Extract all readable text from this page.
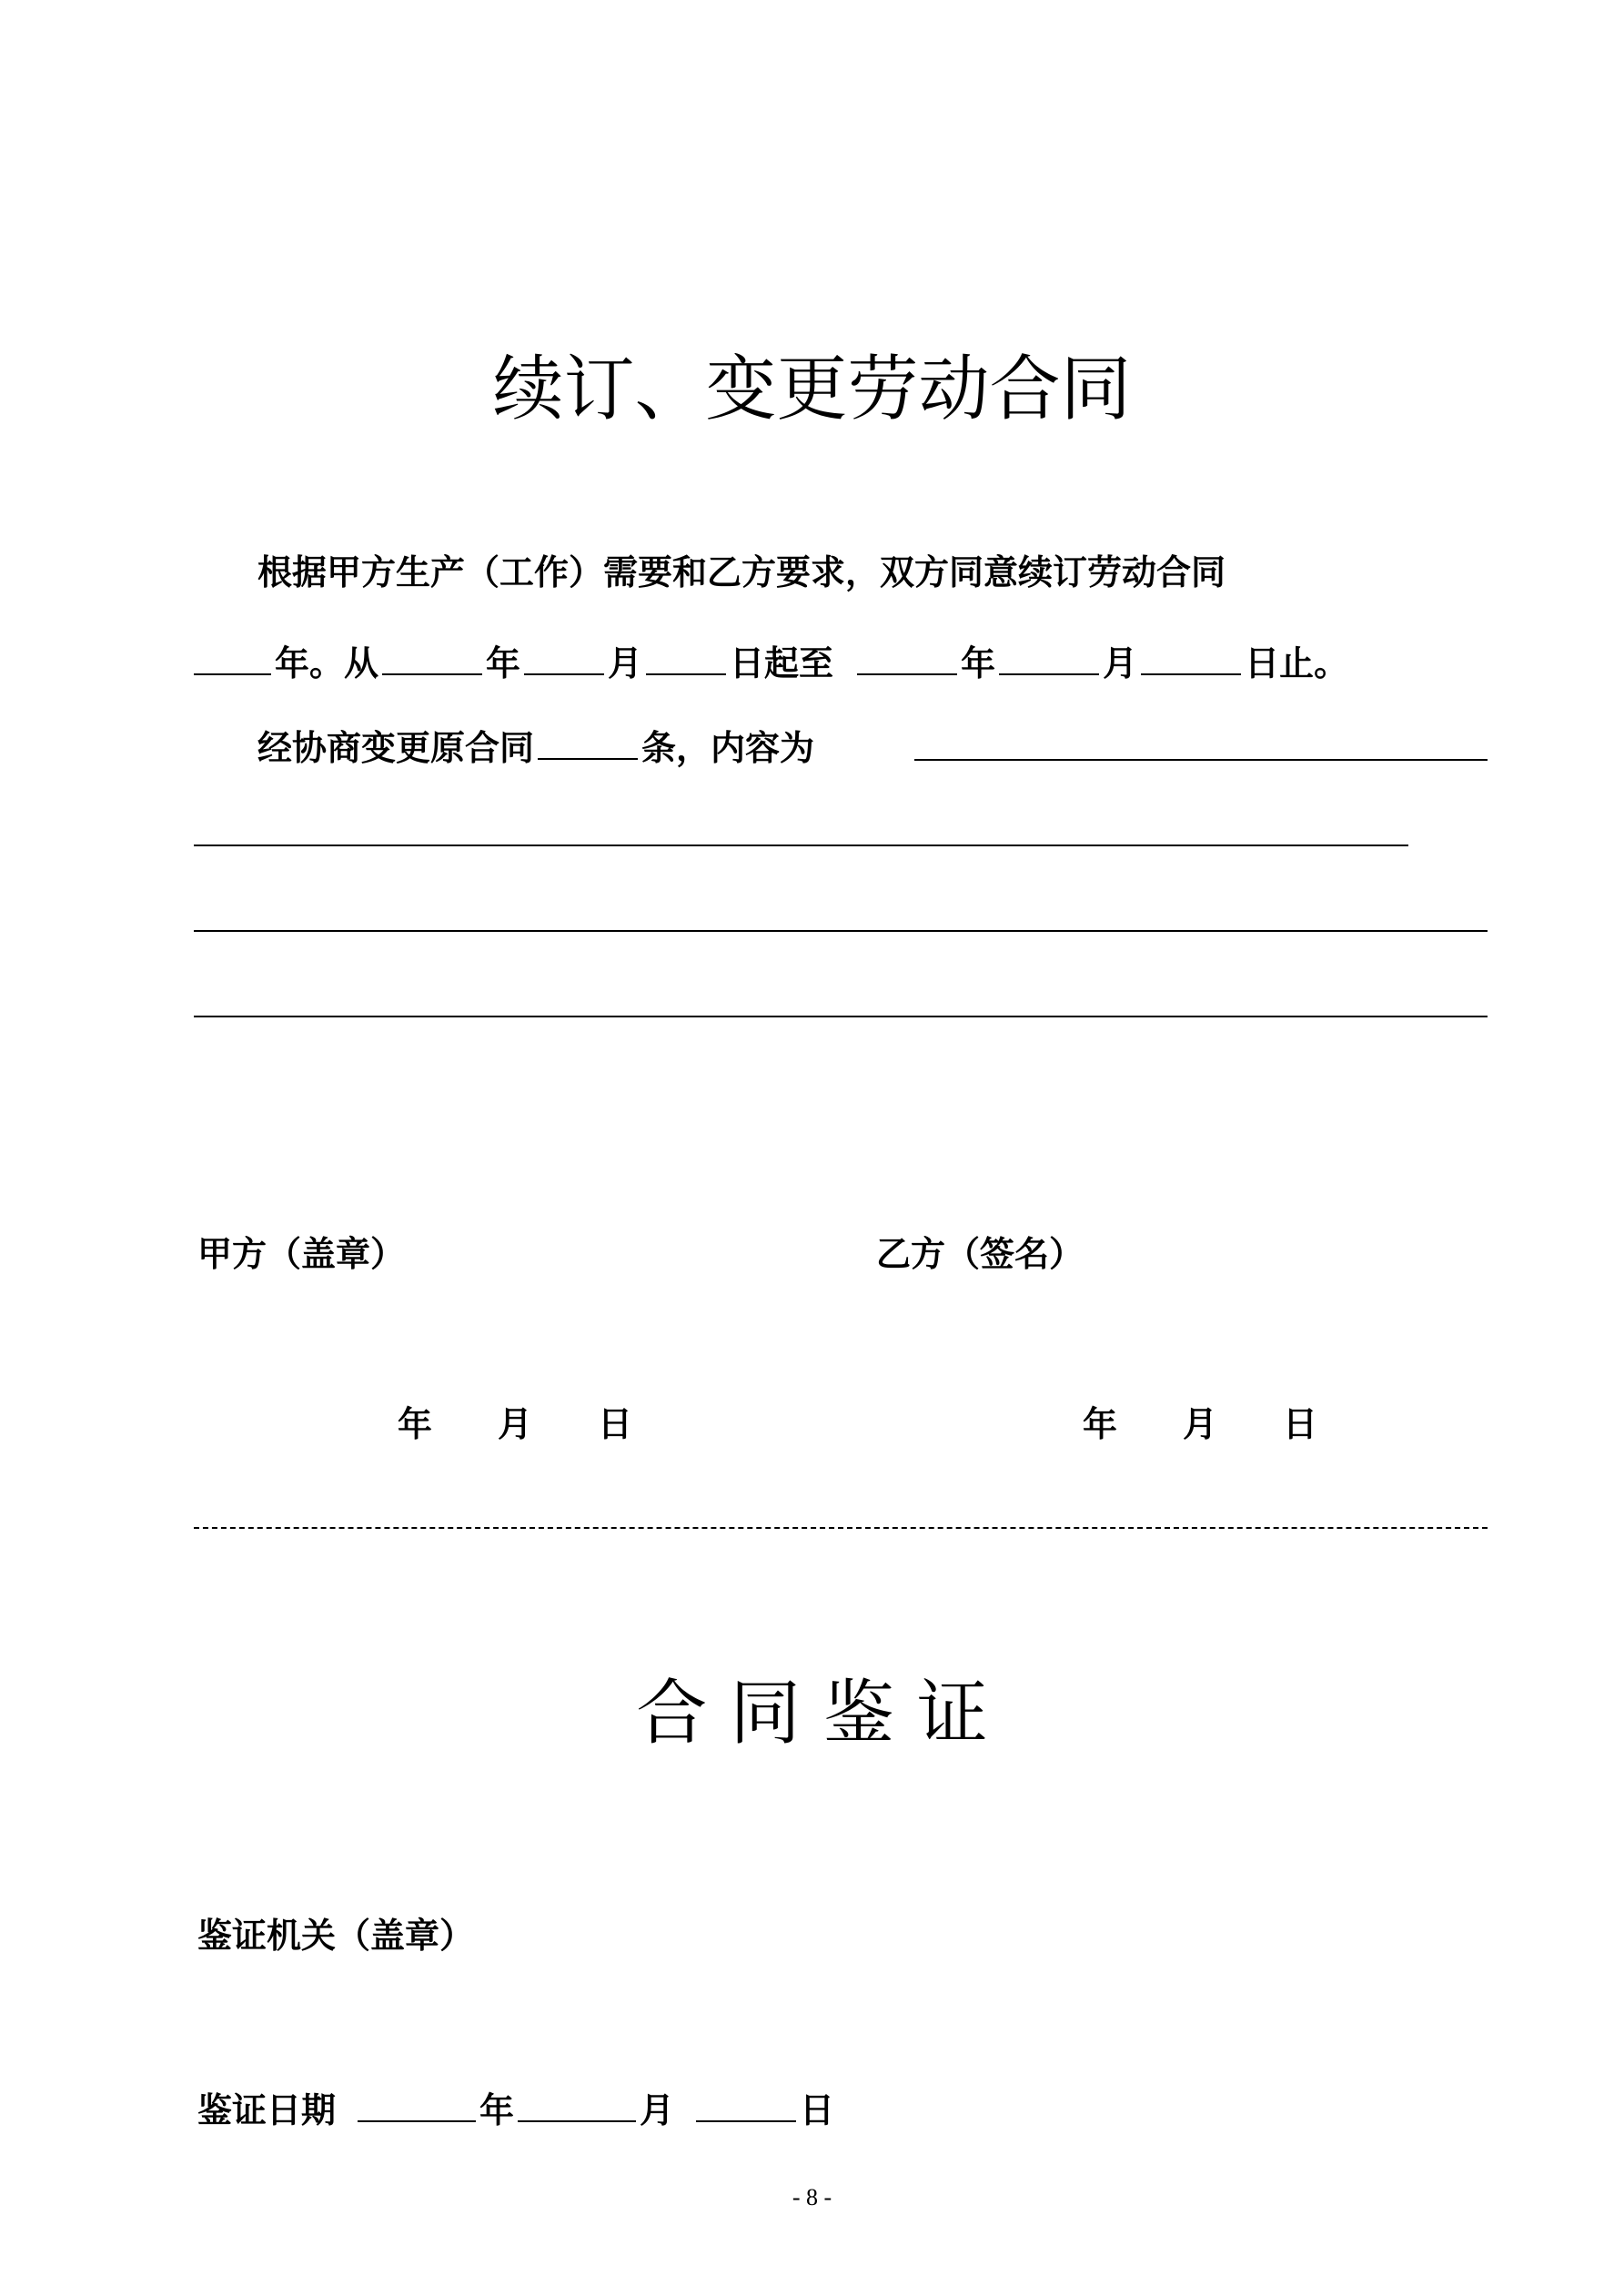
续订、变更劳动合同
根据甲方生产（工作）需要和乙方要求，双方同意续订劳动合同
年。从	年	月	日起至	年	月	日止。
经协商变更原合同	条，内容为
甲方（盖章）	乙方（签名）
年 月 日	年 月 日
合 同 鉴 证
鉴证机关（盖章）
鉴证日期	年	月	日
- 8 -
